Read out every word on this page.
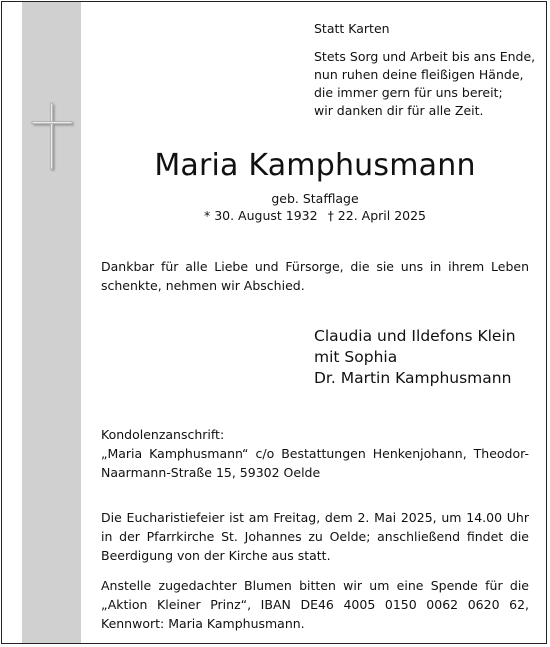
Statt Karten
Stets Sorg und Arbeit bis ans Ende,
nun ruhen deine fleißigen Hände,
die immer gern für uns bereit;
wir danken dir für alle Zeit.
Maria Kamphusmann
geb. Stafflage
* 30. August 1932 † 22. April 2025
Dankbar für alle Liebe und Fürsorge, die sie uns in ihrem Leben schenkte, nehmen wir Abschied.
Claudia und Ildefons Klein
mit Sophia
Dr. Martin Kamphusmann
Kondolenzanschrift:
„Maria Kamphusmann“ c/o Bestattungen Henkenjohann, Theodor-Naarmann-Straße 15, 59302 Oelde
Die Eucharistiefeier ist am Freitag, dem 2. Mai 2025, um 14.00 Uhr in der Pfarrkirche St. Johannes zu Oelde; anschließend findet die Beerdigung von der Kirche aus statt.
Anstelle zugedachter Blumen bitten wir um eine Spende für die „Aktion Kleiner Prinz“, IBAN DE46 4005 0150 0062 0620 62, Kennwort: Maria Kamphusmann.
